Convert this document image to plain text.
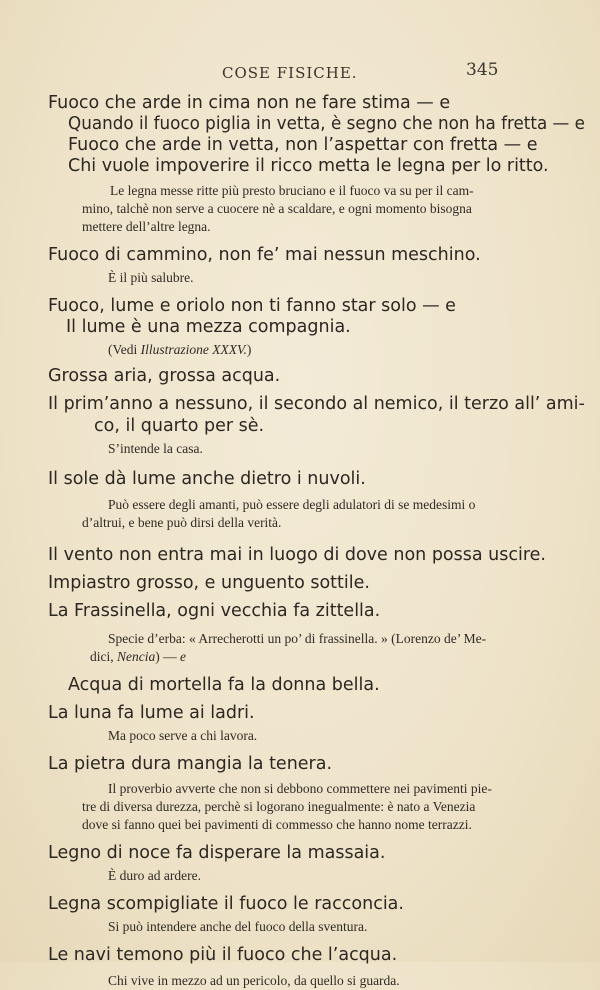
COSE FISICHE.	345

Fuoco che arde in cima non ne fare stima — e

Quando il fuoco piglia in vetta, è segno che non ha fretta — e

Fuoco che arde in vetta, non l’aspettar con fretta — e

Chi vuole impoverire il ricco metta le legna per lo ritto.

Le legna messe ritte più presto bruciano e il fuoco va su per il cam-

mino, talchè non serve a cuocere nè a scaldare, e ogni momento bisogna

mettere dell’altre legna.

Fuoco di cammino, non fe’ mai nessun meschino.

È il più salubre.

Fuoco, lume e oriolo non ti fanno star solo — e

Il lume è una mezza compagnia.

(Vedi Illustrazione XXXV.)

Grossa aria, grossa acqua.

Il prim’anno a nessuno, il secondo al nemico, il terzo all’ ami-

co, il quarto per sè.

S’intende la casa.

Il sole dà lume anche dietro i nuvoli.

Può essere degli amanti, può essere degli adulatori di se medesimi o

d’altrui, e bene può dirsi della verità.

Il vento non entra mai in luogo di dove non possa uscire.

Impiastro grosso, e unguento sottile.

La Frassinella, ogni vecchia fa zittella.

Specie d’erba: « Arrecherotti un po’ di frassinella. » (Lorenzo de’ Me-

dici, Nencia) — e

Acqua di mortella fa la donna bella.

La luna fa lume ai ladri.

Ma poco serve a chi lavora.

La pietra dura mangia la tenera.

Il proverbio avverte che non si debbono commettere nei pavimenti pie-

tre di diversa durezza, perchè si logorano inegualmente: è nato a Venezia

dove si fanno quei bei pavimenti di commesso che hanno nome terrazzi.

Legno di noce fa disperare la massaia.

È duro ad ardere.

Legna scompigliate il fuoco le racconcia.

Si può intendere anche del fuoco della sventura.

Le navi temono più il fuoco che l’acqua.

Chi vive in mezzo ad un pericolo, da quello si guarda.
